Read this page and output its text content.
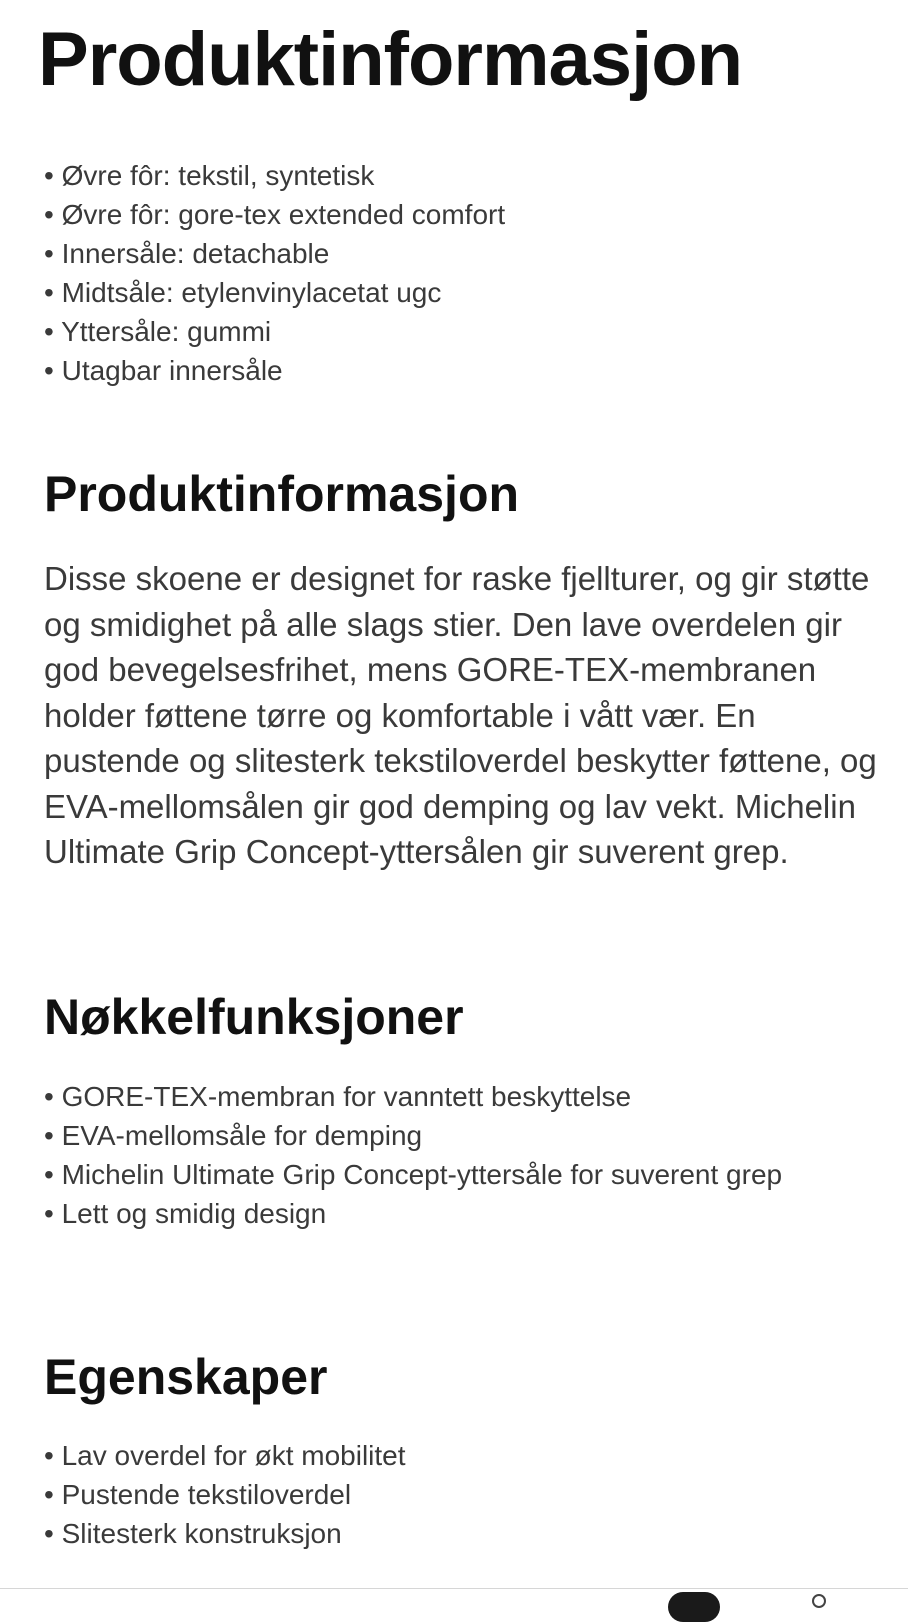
Produktinformasjon
• Øvre fôr: tekstil, syntetisk
• Øvre fôr: gore-tex extended comfort
• Innersåle: detachable
• Midtsåle: etylenvinylacetat ugc
• Yttersåle: gummi
• Utagbar innersåle
Produktinformasjon

Disse skoene er designet for raske fjellturer, og gir støtte og smidighet på alle slags stier. Den lave overdelen gir god bevegelsesfrihet, mens GORE-TEX-membranen holder føttene tørre og komfortable i vått vær. En pustende og slitesterk tekstiloverdel beskytter føttene, og EVA-mellomsålen gir god demping og lav vekt. Michelin Ultimate Grip Concept-yttersålen gir suverent grep.

Nøkkelfunksjoner
• GORE-TEX-membran for vanntett beskyttelse
• EVA-mellomsåle for demping
• Michelin Ultimate Grip Concept-yttersåle for suverent grep
• Lett og smidig design
Egenskaper
• Lav overdel for økt mobilitet
• Pustende tekstiloverdel
• Slitesterk konstruksjon
